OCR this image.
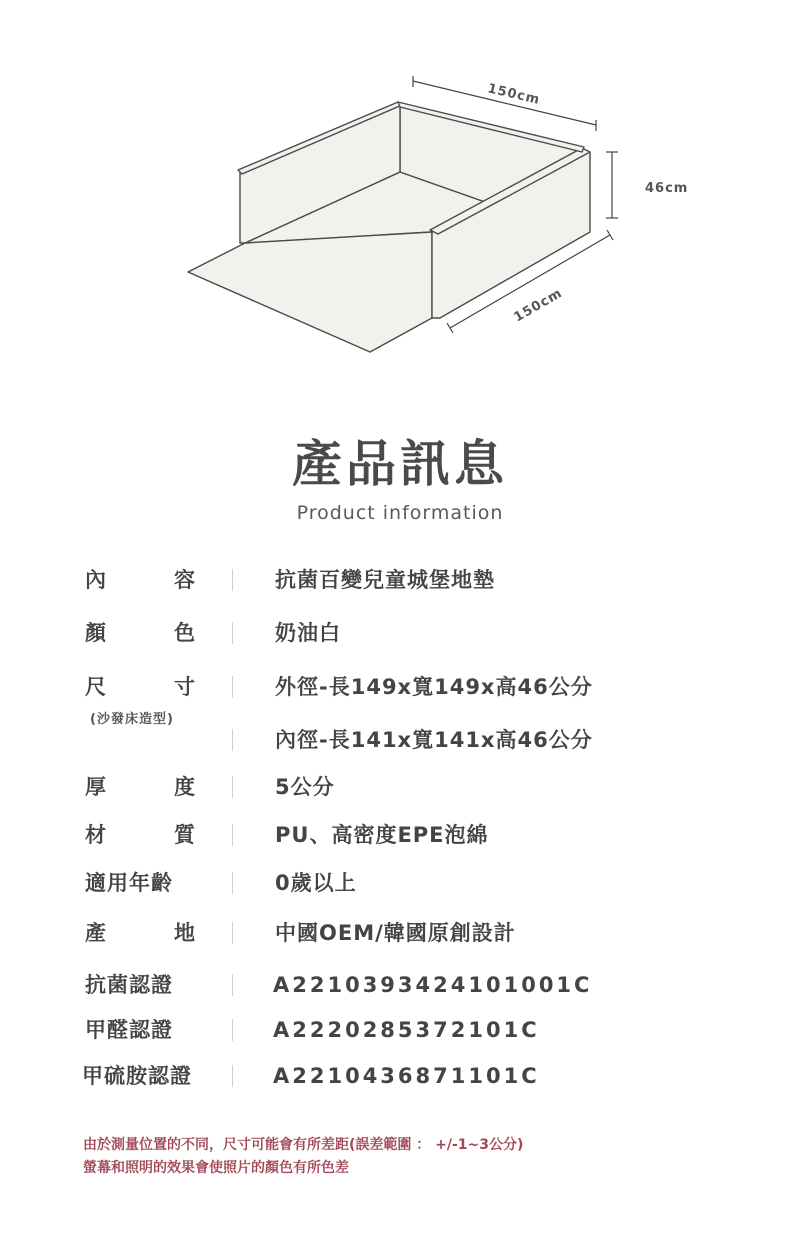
150cm
46cm
150cm
產品訊息
Product information
內	容	抗菌百變兒童城堡地墊
顏	色	奶油白
尺	寸	外徑-長149x寬149x高46公分
(沙發床造型)
內徑-長141x寬141x高46公分
厚	度	5公分
材	質	PU、高密度EPE泡綿
適用年齡	0歲以上
產	地	中國OEM/韓國原創設計
抗菌認證	A2210393424101001C
甲醛認證	A2220285372101C
甲硫胺認證	A2210436871101C
由於測量位置的不同，尺寸可能會有所差距(誤差範圍 ： +/-1~3公分)
螢幕和照明的效果會使照片的顏色有所色差
